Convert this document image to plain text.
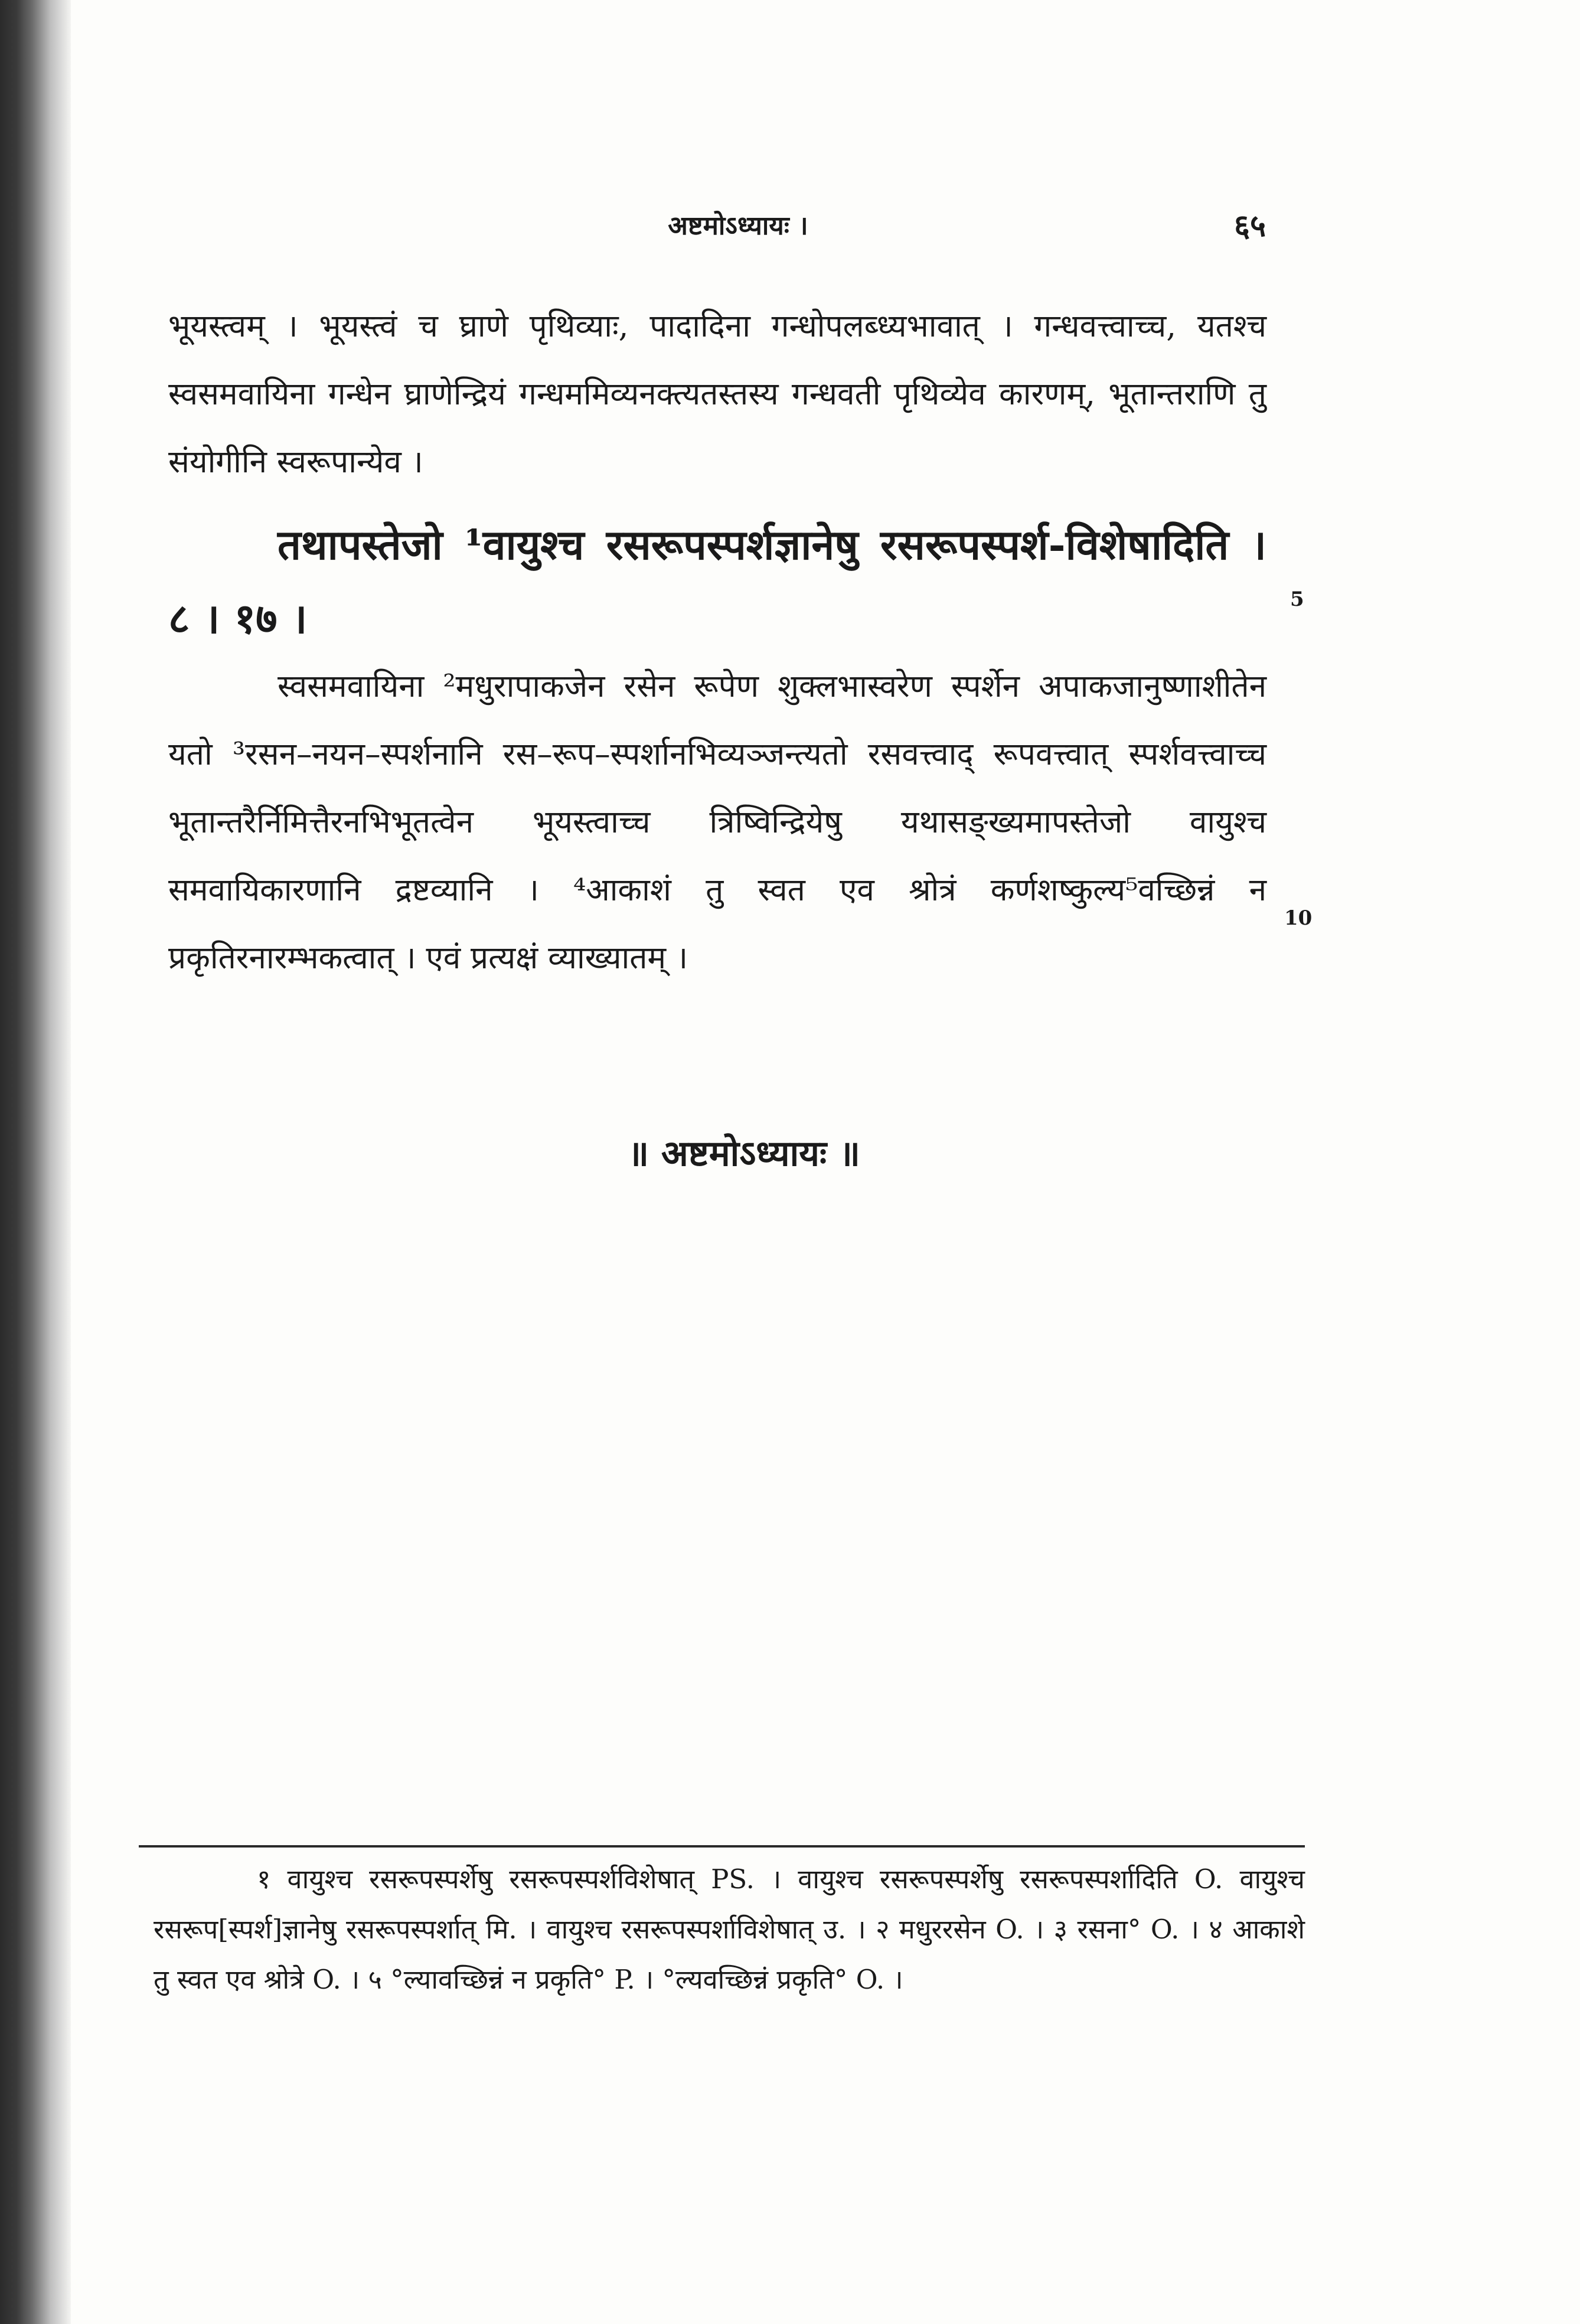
अष्टमोऽध्यायः ।	६५

भूयस्त्वम् । भूयस्त्वं च घ्राणे पृथिव्याः, पादादिना गन्धोपलब्ध्यभावात् । गन्धवत्त्वाच्च, यतश्च स्वसमवायिना गन्धेन घ्राणेन्द्रियं गन्धममिव्यनक्त्यतस्तस्य गन्धवती पृथिव्येव कारणम्, भूतान्तराणि तु संयोगीनि स्वरूपान्येव ।

तथापस्तेजो ¹वायुश्च रसरूपस्पर्शज्ञानेषु रसरूपस्पर्श-विशेषादिति । ८ । १७ ।

स्वसमवायिना ²मधुरापाकजेन रसेन रूपेण शुक्लभास्वरेण स्पर्शेन अपाकजानुष्णाशीतेन यतो ³रसन–नयन–स्पर्शनानि रस–रूप–स्पर्शानभिव्यञ्जन्त्यतो रसवत्त्वाद् रूपवत्त्वात् स्पर्शवत्त्वाच्च भूतान्तरैर्निमित्तैरनभिभूतत्वेन भूयस्त्वाच्च त्रिष्विन्द्रियेषु यथासङ्ख्यमापस्तेजो वायुश्च समवायिकारणानि द्रष्टव्यानि । ⁴आकाशं तु स्वत एव श्रोत्रं कर्णशष्कुल्य⁵वच्छिन्नं न प्रकृतिरनारम्भकत्वात् । एवं प्रत्यक्षं व्याख्यातम् ।

5
10
॥ अष्टमोऽध्यायः ॥

१ वायुश्च रसरूपस्पर्शेषु रसरूपस्पर्शविशेषात् PS. । वायुश्च रसरूपस्पर्शेषु रसरूपस्पर्शादिति O. वायुश्च रसरूप[स्पर्श]ज्ञानेषु रसरूपस्पर्शात् मि. । वायुश्च रसरूपस्पर्शाविशेषात् उ. । २ मधुररसेन O. । ३ रसना° O. । ४ आकाशे तु स्वत एव श्रोत्रे O. । ५ °ल्यावच्छिन्नं न प्रकृति° P. । °ल्यवच्छिन्नं प्रकृति° O. ।
